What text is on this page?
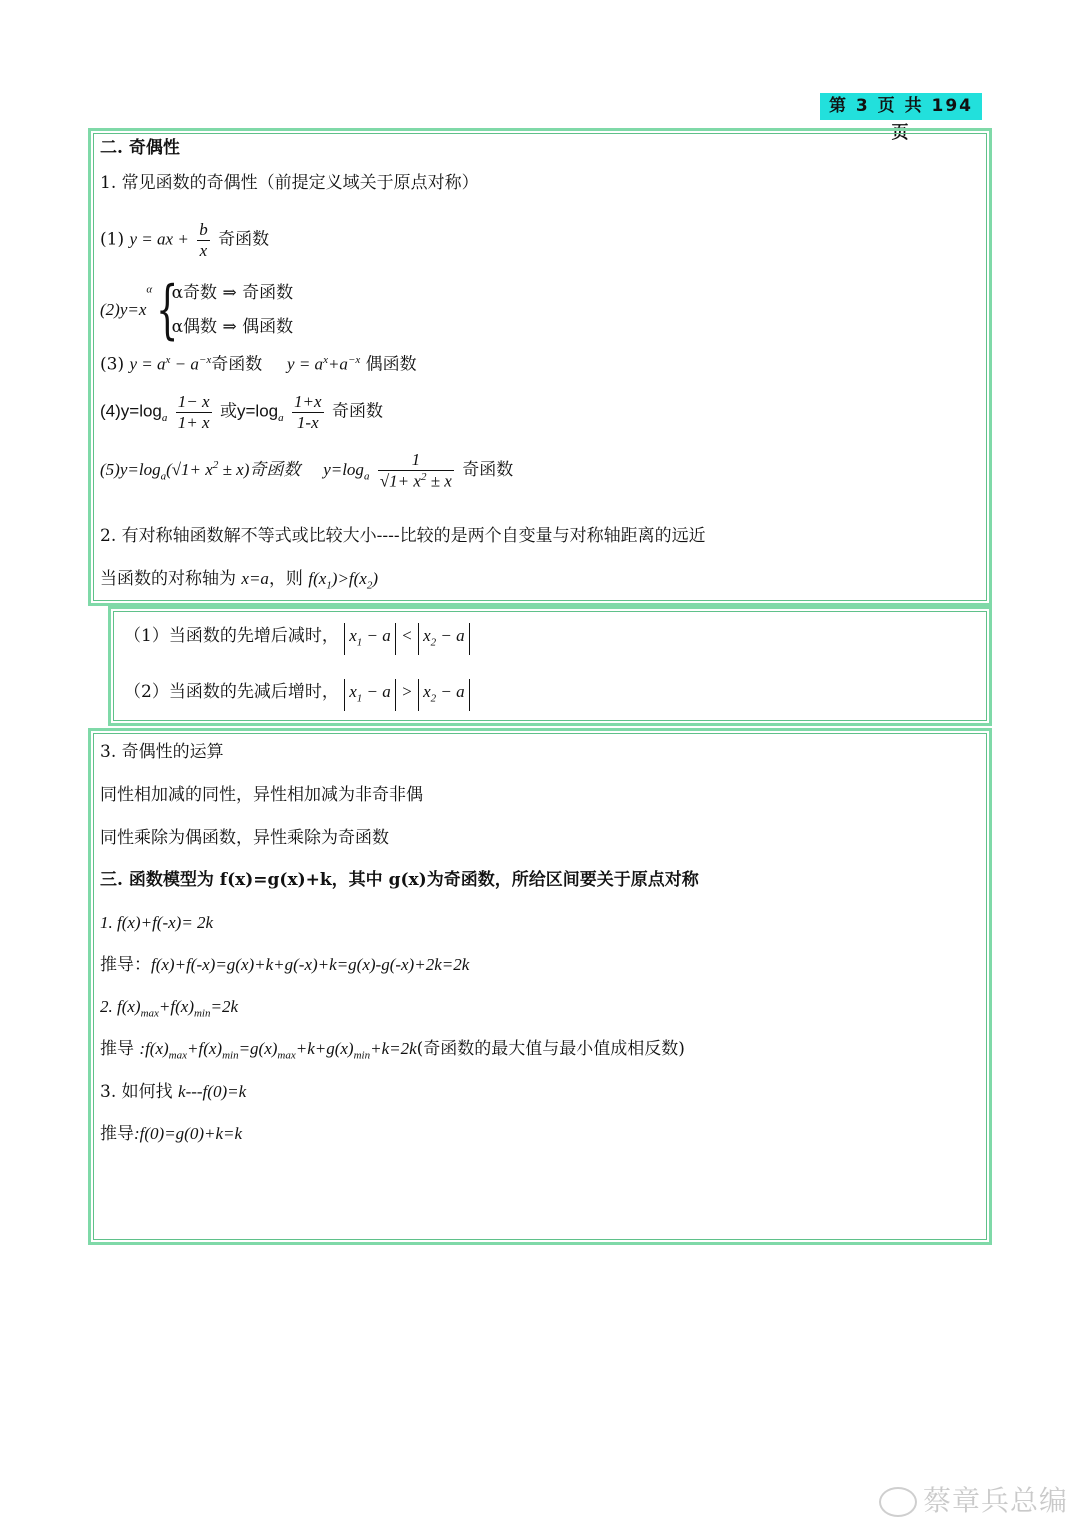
第 3 页 共 194 页
二. 奇偶性
1. 常见函数的奇偶性（前提定义域关于原点对称）
(1) y = ax + $\frac{b}{x}$ 奇函数
$(2)y=x^\alpha$ {
α奇数 ⇒ 奇函数
α偶数 ⇒ 偶函数
(3) $y = a^x - a^{-x}$奇函数 $y = a^x+a^{-x}$ 偶函数
$(4)y=\log_a \frac{1- x}{1+ x}$ 或$y=\log_a \frac{1+x}{1-x}$ 奇函数
$(5)y=\log_a(√1+ x^2 \pm x)$奇函数 $y=\log_a \frac{1}{√1+ x^2 \pm x}$ 奇函数
2. 有对称轴函数解不等式或比较大小----比较的是两个自变量与对称轴距离的远近
当函数的对称轴为 x=a，则 $f(x_1)>f(x_2)$
（1）当函数的先增后减时， $x_1 - a < x_2 - a$
（2）当函数的先减后增时， $x_1 - a > x_2 - a$
3. 奇偶性的运算
同性相加减的同性，异性相加减为非奇非偶
同性乘除为偶函数，异性乘除为奇函数
三. 函数模型为 f(x)=g(x)+k，其中 g(x)为奇函数，所给区间要关于原点对称
1. f(x)+f(-x)= 2k
推导：f(x)+f(-x)=g(x)+k+g(-x)+k=g(x)-g(-x)+2k=2k
2. $f(x)_{max}+f(x)_{min}=2k$
推导 $:f(x)_{max}+f(x)_{min}=g(x)_{max}+k+g(x)_{min}+k=2k$(奇函数的最大值与最小值成相反数)
3. 如何找 k---f(0)=k
推导:f(0)=g(0)+k=k
蔡章兵总编
